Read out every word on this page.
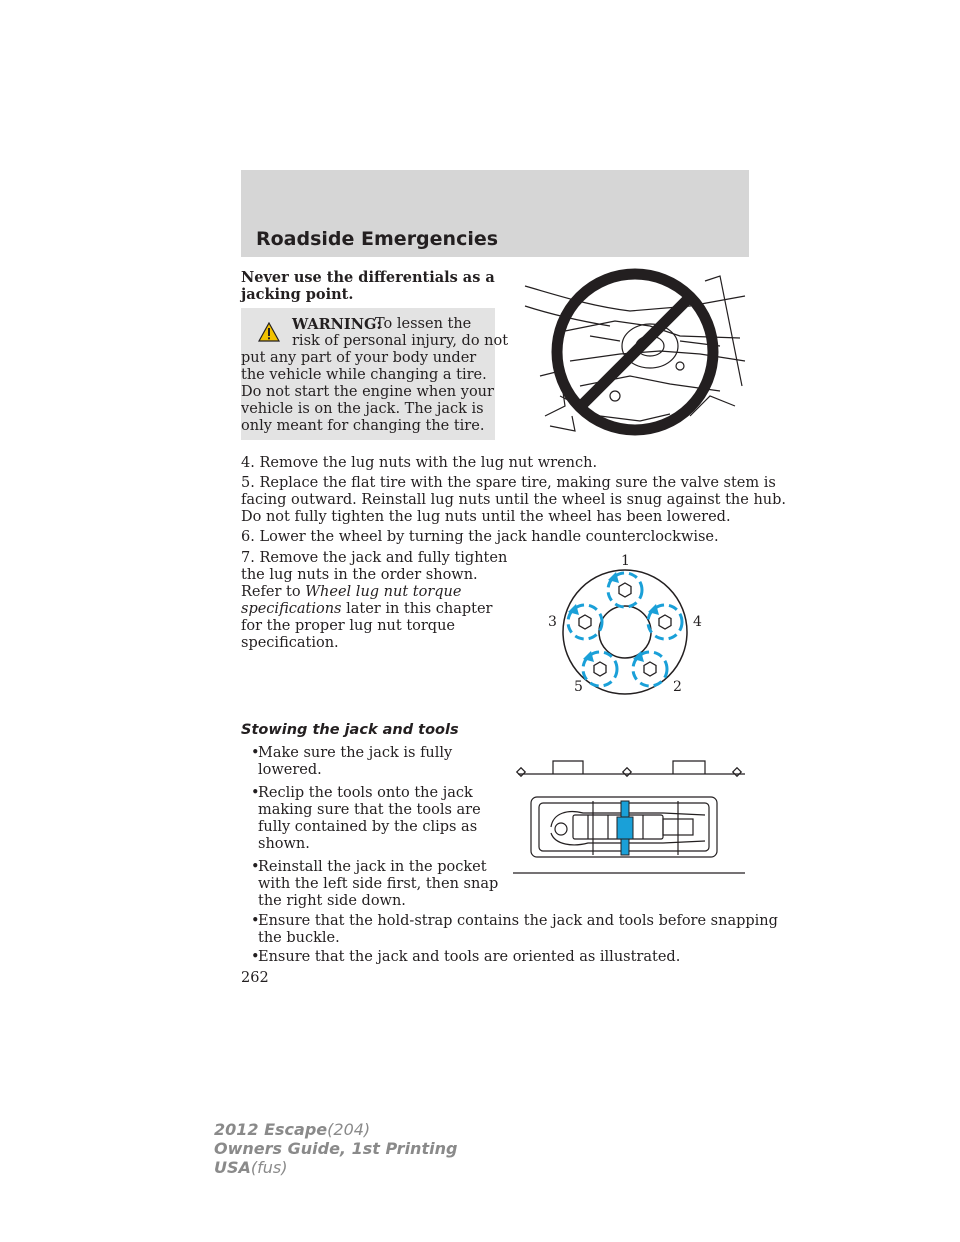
Roadside Emergencies
Never use the differentials as a
jacking point.
WARNING:
To lessen the
risk of personal injury, do not
put any part of your body under
the vehicle while changing a tire.
Do not start the engine when your
vehicle is on the jack. The jack is
only meant for changing the tire.
4. Remove the lug nuts with the lug nut wrench.
5. Replace the flat tire with the spare tire, making sure the valve stem is
facing outward. Reinstall lug nuts until the wheel is snug against the hub.
Do not fully tighten the lug nuts until the wheel has been lowered.
6. Lower the wheel by turning the jack handle counterclockwise.
7. Remove the jack and fully tighten
the lug nuts in the order shown.
Refer to Wheel lug nut torque
specifications later in this chapter
for the proper lug nut torque
specification.
1
2
3	4
5
Stowing the jack and tools
•
Make sure the jack is fully
lowered.
•
Reclip the tools onto the jack
making sure that the tools are
fully contained by the clips as
shown.
•
Reinstall the jack in the pocket
with the left side first, then snap
the right side down.
•
Ensure that the hold-strap contains the jack and tools before snapping
the buckle.
•
Ensure that the jack and tools are oriented as illustrated.
262
2012 Escape(204)
Owners Guide, 1st Printing
USA(fus)
